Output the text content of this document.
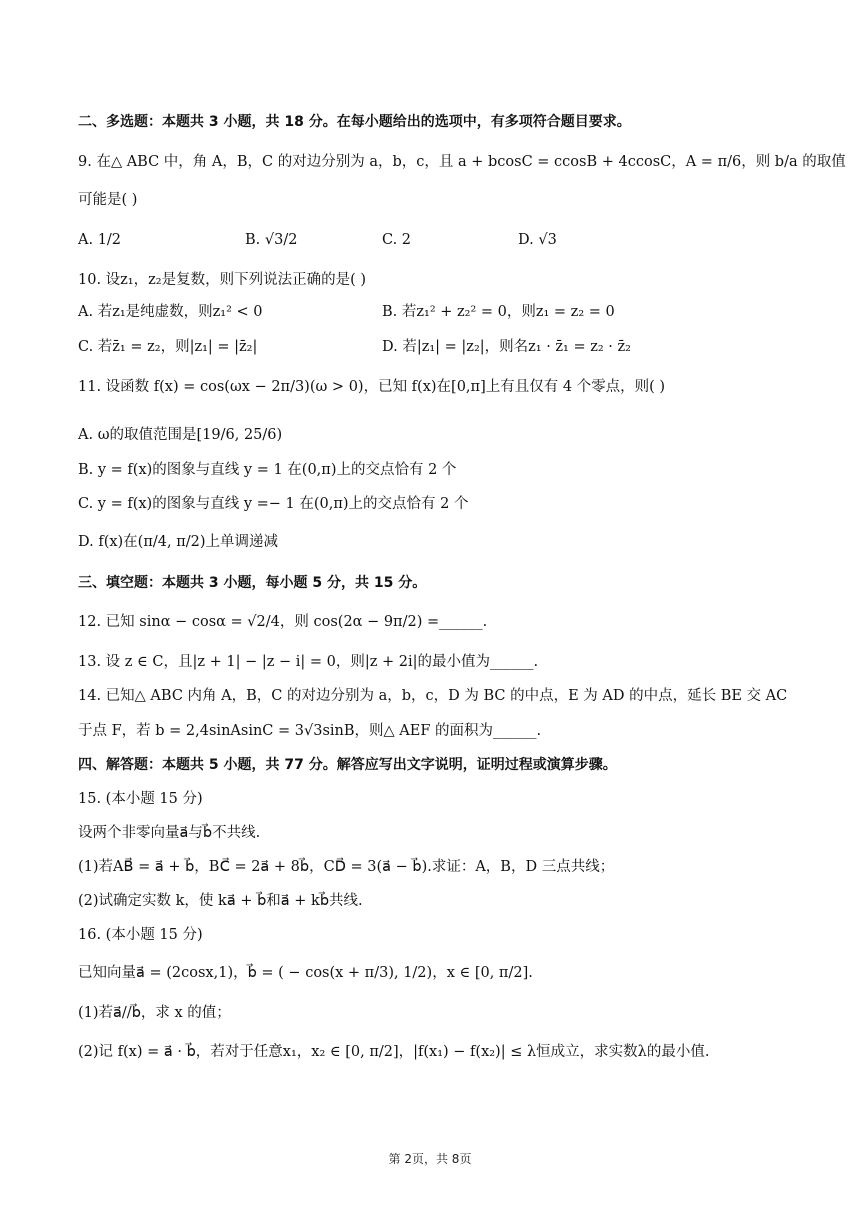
二、多选题：本题共 3 小题，共 18 分。在每小题给出的选项中，有多项符合题目要求。
9. 在△ ABC 中，角 A，B，C 的对边分别为 a，b，c，且 a + bcosC = ccosB + 4ccosC，A = π/6，则 b/a 的取值
可能是( )
A. 1/2	B. √3/2	C. 2	D. √3
10. 设z₁，z₂是复数，则下列说法正确的是( )
A. 若z₁是纯虚数，则z₁² < 0	B. 若z₁² + z₂² = 0，则z₁ = z₂ = 0
C. 若z̄₁ = z₂，则|z₁| = |z̄₂|	D. 若|z₁| = |z₂|，则名z₁ · z̄₁ = z₂ · z̄₂
11. 设函数 f(x) = cos(ωx − 2π/3)(ω > 0)，已知 f(x)在[0,π]上有且仅有 4 个零点，则( )
A. ω的取值范围是[19/6, 25/6)
B. y = f(x)的图象与直线 y = 1 在(0,π)上的交点恰有 2 个
C. y = f(x)的图象与直线 y =− 1 在(0,π)上的交点恰有 2 个
D. f(x)在(π/4, π/2)上单调递减
三、填空题：本题共 3 小题，每小题 5 分，共 15 分。
12. 已知 sinα − cosα = √2/4，则 cos(2α − 9π/2) =______.
13. 设 z ∈ C，且|z + 1| − |z − i| = 0，则|z + 2i|的最小值为______.
14. 已知△ ABC 内角 A，B，C 的对边分别为 a，b，c，D 为 BC 的中点，E 为 AD 的中点，延长 BE 交 AC
于点 F，若 b = 2,4sinAsinC = 3√3sinB，则△ AEF 的面积为______.
四、解答题：本题共 5 小题，共 77 分。解答应写出文字说明，证明过程或演算步骤。
15. (本小题 15 分)
设两个非零向量a⃗与b⃗不共线.
(1)若AB⃗ = a⃗ + b⃗，BC⃗ = 2a⃗ + 8b⃗，CD⃗ = 3(a⃗ − b⃗).求证：A，B，D 三点共线；
(2)试确定实数 k，使 ka⃗ + b⃗和a⃗ + kb⃗共线.
16. (本小题 15 分)
已知向量a⃗ = (2cosx,1)，b⃗ = ( − cos(x + π/3), 1/2)，x ∈ [0, π/2].
(1)若a⃗//b⃗，求 x 的值；
(2)记 f(x) = a⃗ · b⃗，若对于任意x₁，x₂ ∈ [0, π/2]，|f(x₁) − f(x₂)| ≤ λ恒成立，求实数λ的最小值.
第 2页，共 8页
